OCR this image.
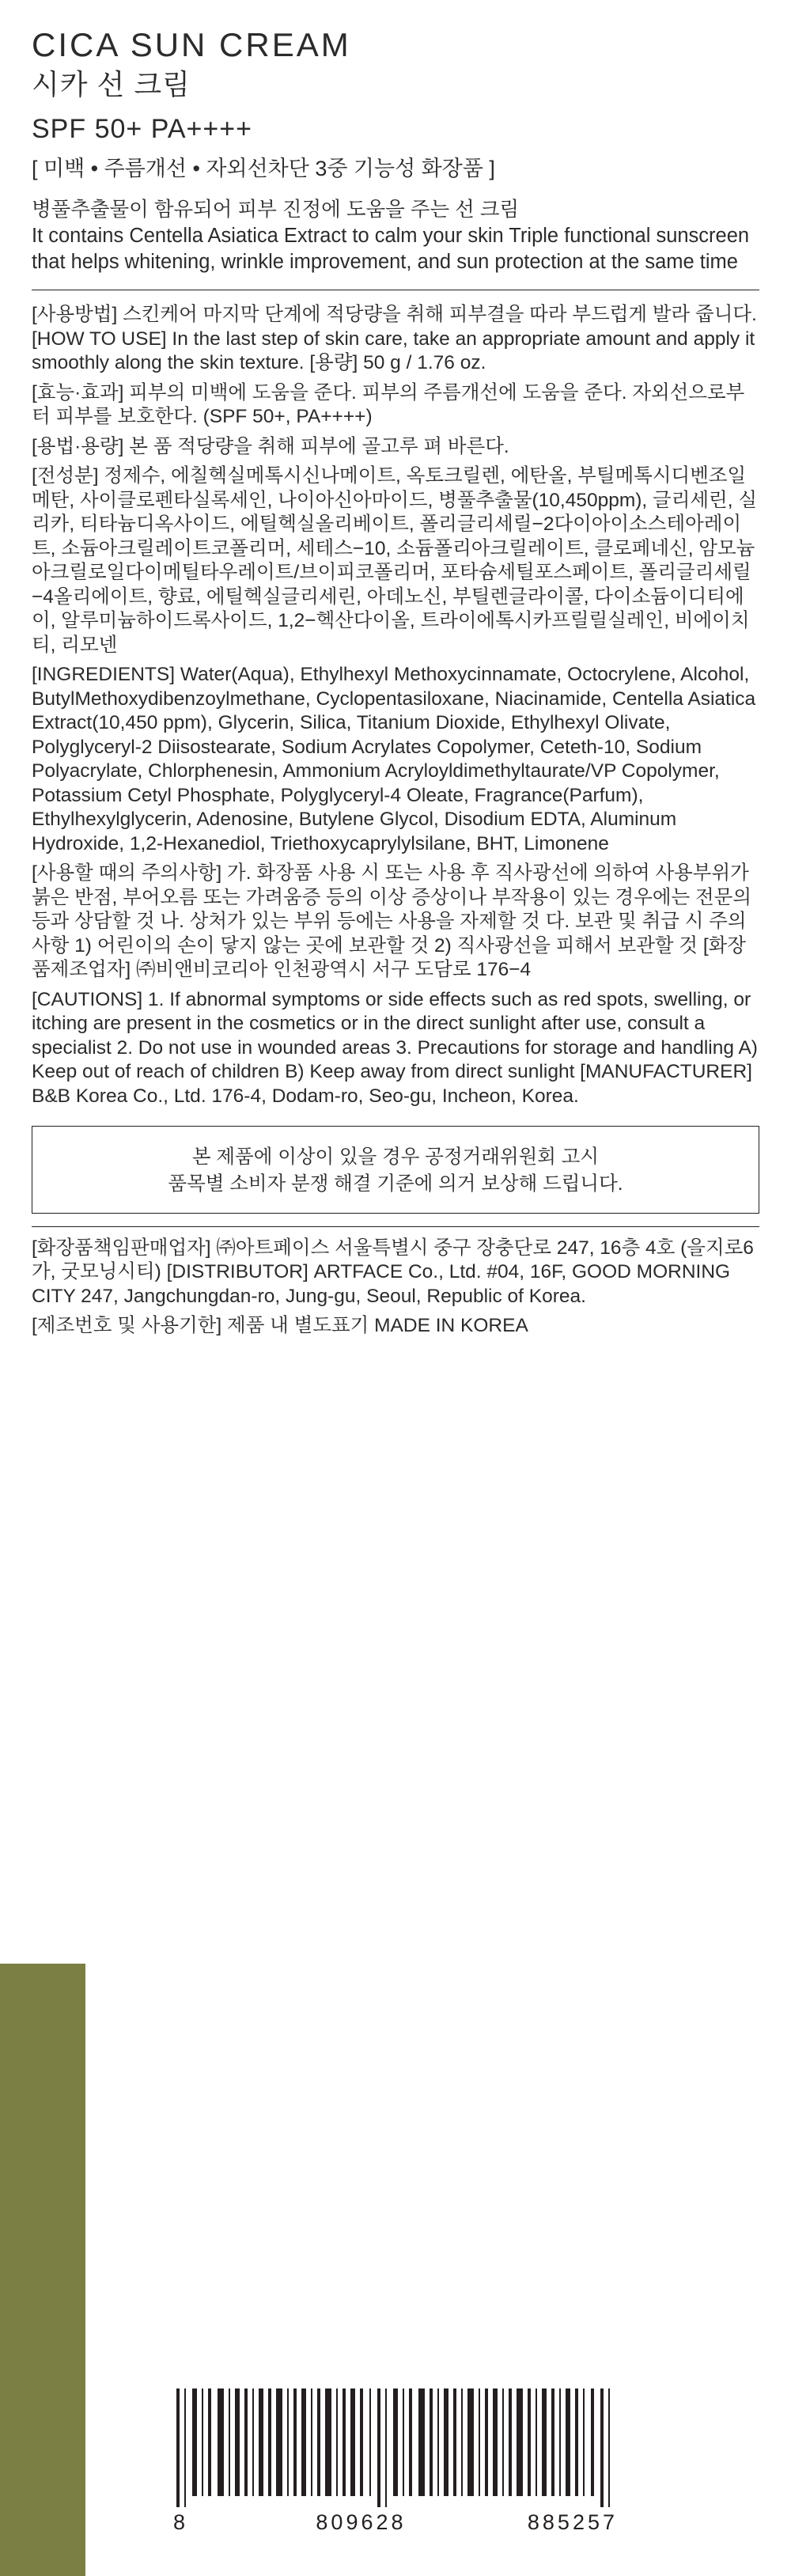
CICA SUN CREAM
시카 선 크림
SPF 50+ PA++++
[ 미백 • 주름개선 • 자외선차단 3중 기능성 화장품 ]

병풀추출물이 함유되어 피부 진정에 도움을 주는 선 크림

It contains Centella Asiatica Extract to calm your skin Triple functional sunscreen that helps whitening, wrinkle improvement, and sun protection at the same time

[사용방법] 스킨케어 마지막 단계에 적당량을 취해 피부결을 따라 부드럽게 발라 줍니다. [HOW TO USE] In the last step of skin care, take an appropriate amount and apply it smoothly along the skin texture. [용량] 50 g / 1.76 oz.
[효능·효과] 피부의 미백에 도움을 준다. 피부의 주름개선에 도움을 준다. 자외선으로부터 피부를 보호한다. (SPF 50+, PA++++)
[용법·용량] 본 품 적당량을 취해 피부에 골고루 펴 바른다.
[전성분] 정제수, 에칠헥실메톡시신나메이트, 옥토크릴렌, 에탄올, 부틸메톡시디벤조일메탄, 사이클로펜타실록세인, 나이아신아마이드, 병풀추출물(10,450ppm), 글리세린, 실리카, 티타늄디옥사이드, 에틸헥실올리베이트, 폴리글리세릴−2다이아이소스테아레이트, 소듐아크릴레이트코폴리머, 세테스−10, 소듐폴리아크릴레이트, 클로페네신, 암모늄아크릴로일다이메틸타우레이트/브이피코폴리머, 포타슘세틸포스페이트, 폴리글리세릴−4올리에이트, 향료, 에틸헥실글리세린, 아데노신, 부틸렌글라이콜, 다이소듐이디티에이, 알루미늄하이드록사이드, 1,2−헥산다이올, 트라이에톡시카프릴릴실레인, 비에이치티, 리모넨
[INGREDIENTS] Water(Aqua), Ethylhexyl Methoxycinnamate, Octocrylene, Alcohol, ButylMethoxydibenzoylmethane, Cyclopentasiloxane, Niacinamide, Centella Asiatica Extract(10,450 ppm), Glycerin, Silica, Titanium Dioxide, Ethylhexyl Olivate, Polyglyceryl-2 Diisostearate, Sodium Acrylates Copolymer, Ceteth-10, Sodium Polyacrylate, Chlorphenesin, Ammonium Acryloyldimethyltaurate/VP Copolymer, Potassium Cetyl Phosphate, Polyglyceryl-4 Oleate, Fragrance(Parfum), Ethylhexylglycerin, Adenosine, Butylene Glycol, Disodium EDTA, Aluminum Hydroxide, 1,2-Hexanediol, Triethoxycaprylylsilane, BHT, Limonene
[사용할 때의 주의사항] 가. 화장품 사용 시 또는 사용 후 직사광선에 의하여 사용부위가 붉은 반점, 부어오름 또는 가려움증 등의 이상 증상이나 부작용이 있는 경우에는 전문의 등과 상담할 것 나. 상처가 있는 부위 등에는 사용을 자제할 것 다. 보관 및 취급 시 주의사항 1) 어린이의 손이 닿지 않는 곳에 보관할 것 2) 직사광선을 피해서 보관할 것 [화장품제조업자] ㈜비앤비코리아 인천광역시 서구 도담로 176−4
[CAUTIONS] 1. If abnormal symptoms or side effects such as red spots, swelling, or itching are present in the cosmetics or in the direct sunlight after use, consult a specialist 2. Do not use in wounded areas 3. Precautions for storage and handling A) Keep out of reach of children B) Keep away from direct sunlight [MANUFACTURER] B&B Korea Co., Ltd. 176-4, Dodam-ro, Seo-gu, Incheon, Korea.

본 제품에 이상이 있을 경우 공정거래위원회 고시

품목별 소비자 분쟁 해결 기준에 의거 보상해 드립니다.

[화장품책임판매업자] ㈜아트페이스 서울특별시 중구 장충단로 247, 16층 4호 (을지로6가, 굿모닝시티) [DISTRIBUTOR] ARTFACE Co., Ltd. #04, 16F, GOOD MORNING CITY 247, Jangchungdan-ro, Jung-gu, Seoul, Republic of Korea.
[제조번호 및 사용기한] 제품 내 별도표기 MADE IN KOREA
8	809628	885257
